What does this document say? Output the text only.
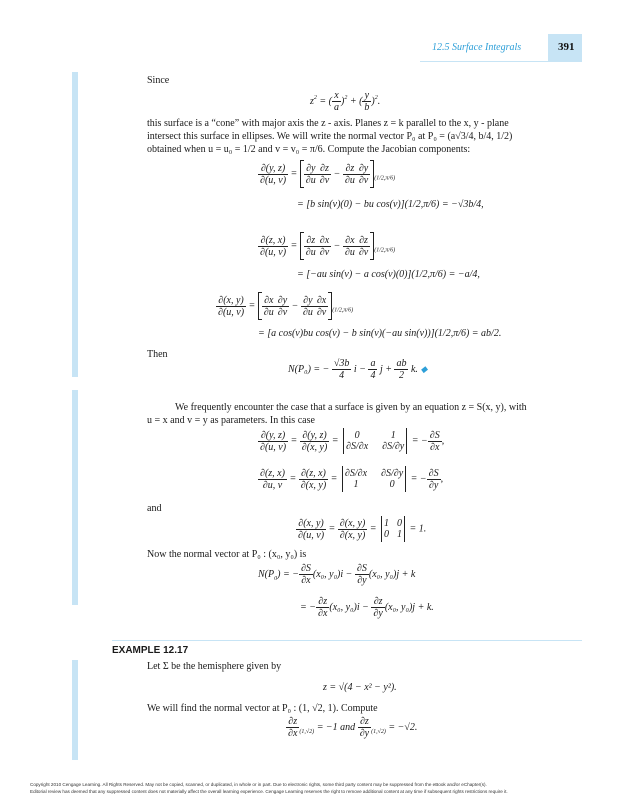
12.5 Surface Integrals	391
Since
$z^2$ = ( $\frac{x}{a} )^2$ + ( $\frac{y}{b} )^2$.
this surface is a “cone” with major axis the z - axis. Planes z = k parallel to the x, y - plane
intersect this surface in ellipses. We will write the normal vector P₀ at P₀ = (a√3/4, b/4, 1/2)
obtained when u = u₀ = 1/2 and v = v₀ = π/6. Compute the Jacobian components:
$\frac{\partial(y, z)}{\partial(u, v)} = \frac{\partial y}{\partial u} \frac{\partial z}{\partial v} - \frac{\partial z}{\partial u} \frac{\partial y}{\partial v} _{(1/2,\pi/6)}$
= [b sin(v)(0) − bu cos(v)](1/2,π/6) = −√3b/4,
$\frac{\partial(z, x)}{\partial(u, v)} = \frac{\partial z}{\partial u} \frac{\partial x}{\partial v} - \frac{\partial x}{\partial u} \frac{\partial z}{\partial v} _{(1/2,\pi/6)}$
= [−au sin(v) − a cos(v)(0)](1/2,π/6) = −a/4,
$\frac{\partial(x, y)}{\partial(u, v)} = \frac{\partial x}{\partial u} \frac{\partial y}{\partial v} - \frac{\partial y}{\partial u} \frac{\partial x}{\partial v} _{(1/2,\pi/6)}$
= [a cos(v)bu cos(v) − b sin(v)(−au sin(v))](1/2,π/6) = ab/2.
Then
N(P₀) = − $\frac{√3b}{4}$ $i - \frac{a}{4}$ $j + \frac{ab}{2} k$. ◆
We frequently encounter the case that a surface is given by an equation z = S(x, y), with
u = x and v = y as parameters. In this case
$\frac{\partial(y, z)}{\partial(u, v)} = \frac{\partial(y, z)}{\partial(x, y)}$ =	0	1
∂S/∂x ∂S/∂y
= − $\frac{\partial S}{\partial x}$ ,
$\frac{\partial(z, x)}{\partial u, v} = \frac{\partial(z, x)}{\partial(x, y)} = \partial S/\partial x$ ∂S/∂y
1	0
= − $\frac{\partial S}{\partial y}$ ,
and
$\frac{\partial(x, y)}{\partial(u, v)} = \frac{\partial(x, y)}{\partial(x, y)} = 1$ 0
0 1
= 1.
Now the normal vector at P₀ : (x₀, y₀) is
$N(P_0)$ = − $\frac{\partial S}{\partial x} (x_0$, $y_0)i - \frac{\partial S}{\partial y} (x_0$, y₀)j + k
= − $\frac{\partial z}{\partial x} (x_0$, $y_0)i - \frac{\partial z}{\partial y} (x_0$, y₀)j + k.
EXAMPLE 12.17
Let Σ be the hemisphere given by
z = √(4 − x² − y²).
We will find the normal vector at P₀ : (1, √2, 1). Compute
$\frac{\partial z}{\partial x} _{(1,√2)} = -1$ and $\frac{\partial z}{\partial y} _{(1,√2)} = -√2$.
Copyright 2010 Cengage Learning. All Rights Reserved. May not be copied, scanned, or duplicated, in whole or in part. Due to electronic rights, some third party content may be suppressed from the eBook and/or eChapter(s).
Editorial review has deemed that any suppressed content does not materially affect the overall learning experience. Cengage Learning reserves the right to remove additional content at any time if subsequent rights restrictions require it.
